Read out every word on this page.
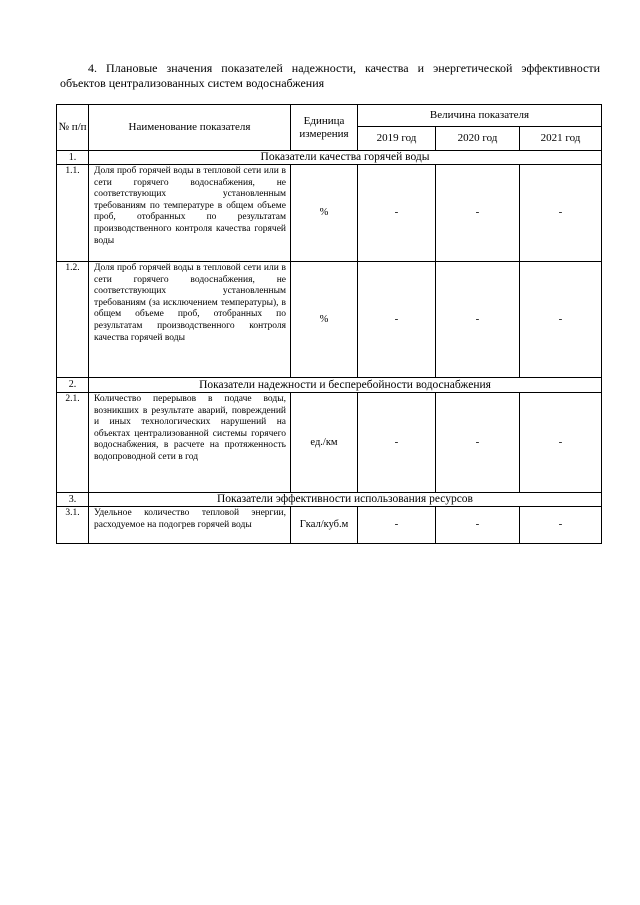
4. Плановые значения показателей надежности, качества и энергетической эффективности объектов централизованных систем водоснабжения
№ п/п	Наименование показателя	Единица измерения	Величина показателя		
			2019 год	2020 год	2021 год
1.	Показатели качества горячей воды				
1.1.	Доля проб горячей воды в тепловой сети или в сети горячего водоснабжения, не соответствующих установленным требованиям по температуре в общем объеме проб, отобранных по результатам производственного контроля качества горячей воды	%	-	-	-
1.2.	Доля проб горячей воды в тепловой сети или в сети горячего водоснабжения, не соответствующих установленным требованиям (за исключением температуры), в общем объеме проб, отобранных по результатам производственного контроля качества горячей воды	%	-	-	-
2.	Показатели надежности и бесперебойности водоснабжения				
2.1.	Количество перерывов в подаче воды, возникших в результате аварий, повреждений и иных технологических нарушений на объектах централизованной системы горячего водоснабжения, в расчете на протяженность водопроводной сети в год	ед./км	-	-	-
3.	Показатели эффективности использования ресурсов				
3.1.	Удельное количество тепловой энергии, расходуемое на подогрев горячей воды	Гкал/куб.м	-	-	-
